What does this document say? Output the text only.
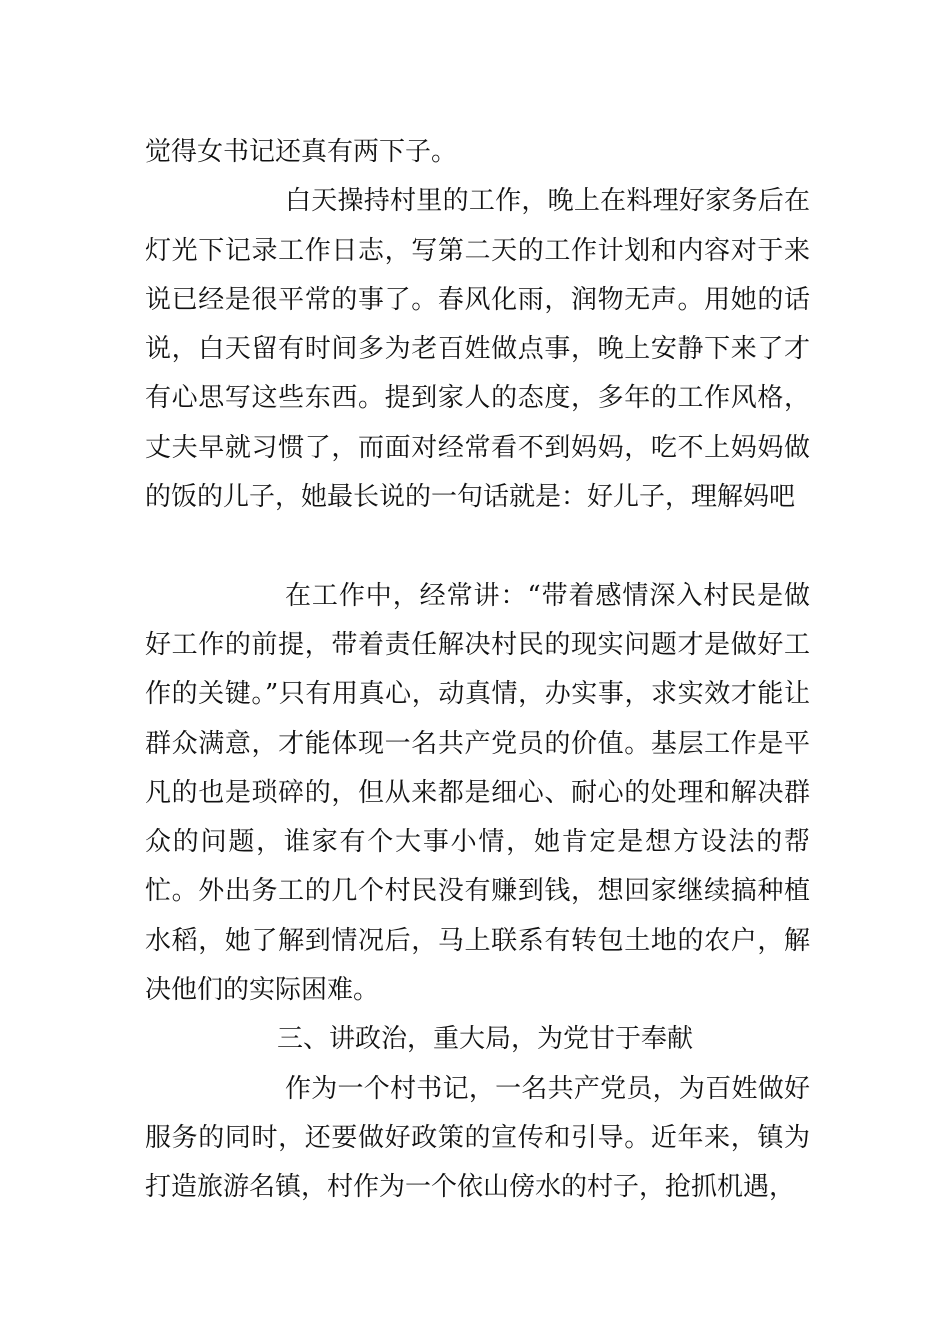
觉得女书记还真有两下子。

白天操持村里的工作，晚上在料理好家务后在灯光下记录工作日志，写第二天的工作计划和内容对于来说已经是很平常的事了。春风化雨，润物无声。用她的话说，白天留有时间多为老百姓做点事，晚上安静下来了才有心思写这些东西。提到家人的态度，多年的工作风格，丈夫早就习惯了，而面对经常看不到妈妈，吃不上妈妈做的饭的儿子，她最长说的一句话就是：好儿子，理解妈吧

在工作中，经常讲：“带着感情深入村民是做好工作的前提，带着责任解决村民的现实问题才是做好工作的关键。”只有用真心，动真情，办实事，求实效才能让群众满意，才能体现一名共产党员的价值。基层工作是平凡的也是琐碎的，但从来都是细心、耐心的处理和解决群众的问题，谁家有个大事小情，她肯定是想方设法的帮忙。外出务工的几个村民没有赚到钱，想回家继续搞种植水稻，她了解到情况后，马上联系有转包土地的农户，解决他们的实际困难。

三、讲政治，重大局，为党甘于奉献

作为一个村书记，一名共产党员，为百姓做好服务的同时，还要做好政策的宣传和引导。近年来，镇为打造旅游名镇，村作为一个依山傍水的村子，抢抓机遇，
